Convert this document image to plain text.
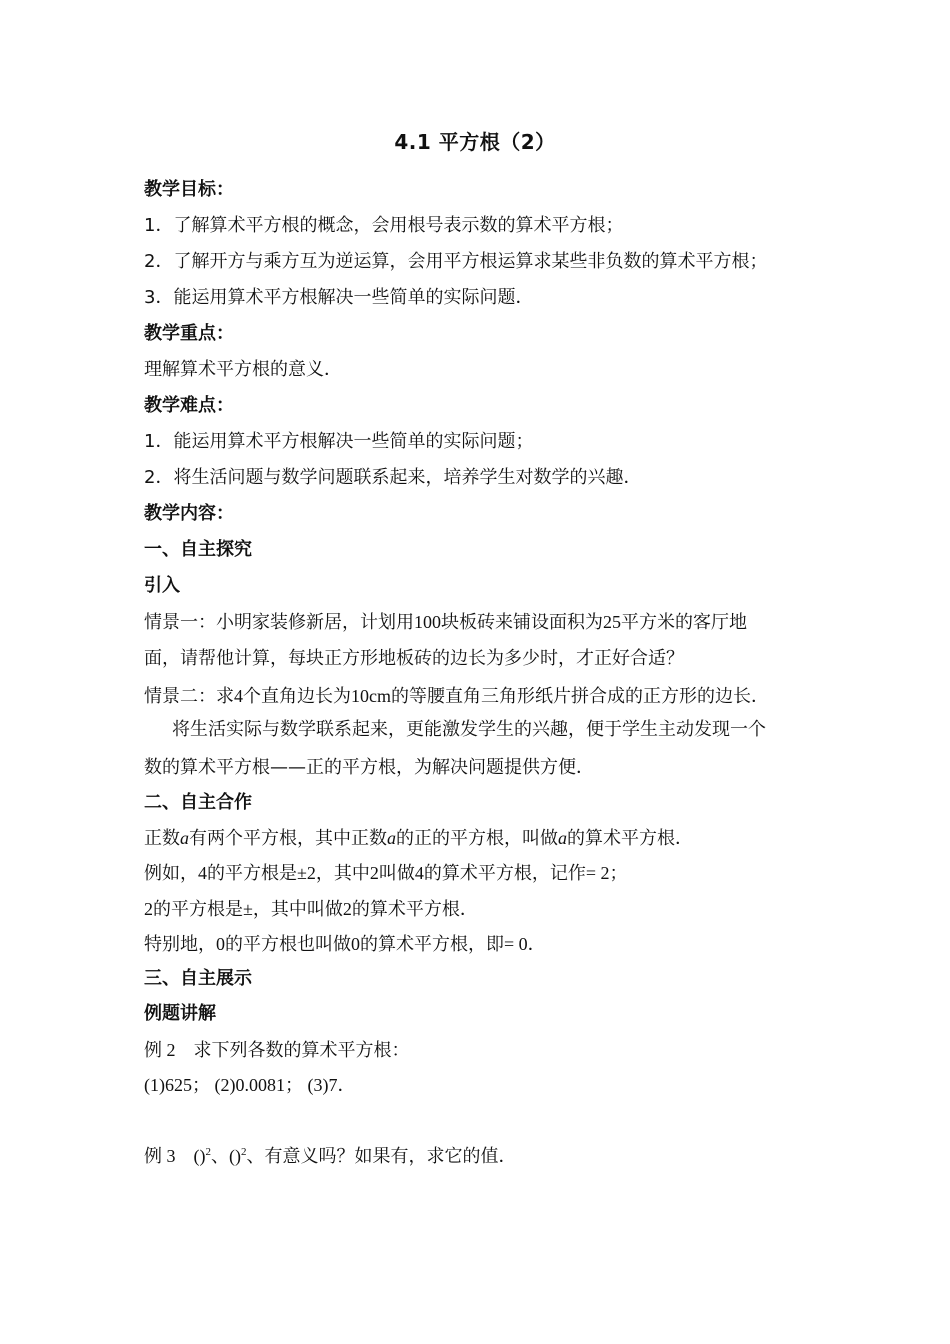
4.1 平方根（2）
教学目标：
1．了解算术平方根的概念，会用根号表示数的算术平方根；
2．了解开方与乘方互为逆运算，会用平方根运算求某些非负数的算术平方根；
3．能运用算术平方根解决一些简单的实际问题．
教学重点：
理解算术平方根的意义．
教学难点：
1．能运用算术平方根解决一些简单的实际问题；
2．将生活问题与数学问题联系起来，培养学生对数学的兴趣．
教学内容：
一、自主探究
引入
情景一：小明家装修新居，计划用100块板砖来铺设面积为25平方米的客厅地
面，请帮他计算，每块正方形地板砖的边长为多少时，才正好合适？
情景二：求4个直角边长为10cm的等腰直角三角形纸片拼合成的正方形的边长．
将生活实际与数学联系起来，更能激发学生的兴趣，便于学生主动发现一个
数的算术平方根——正的平方根，为解决问题提供方便．
二、自主合作
正数a有两个平方根，其中正数a的正的平方根，叫做a的算术平方根．
例如，4的平方根是±2，其中2叫做4的算术平方根，记作= 2；
2的平方根是±，其中叫做2的算术平方根．
特别地，0的平方根也叫做0的算术平方根，即= 0．
三、自主展示
例题讲解
例 2 求下列各数的算术平方根：
(1)625； (2)0.0081； (3)7．
例 3 ()$^2$、()$^2$、有意义吗？如果有，求它的值．
